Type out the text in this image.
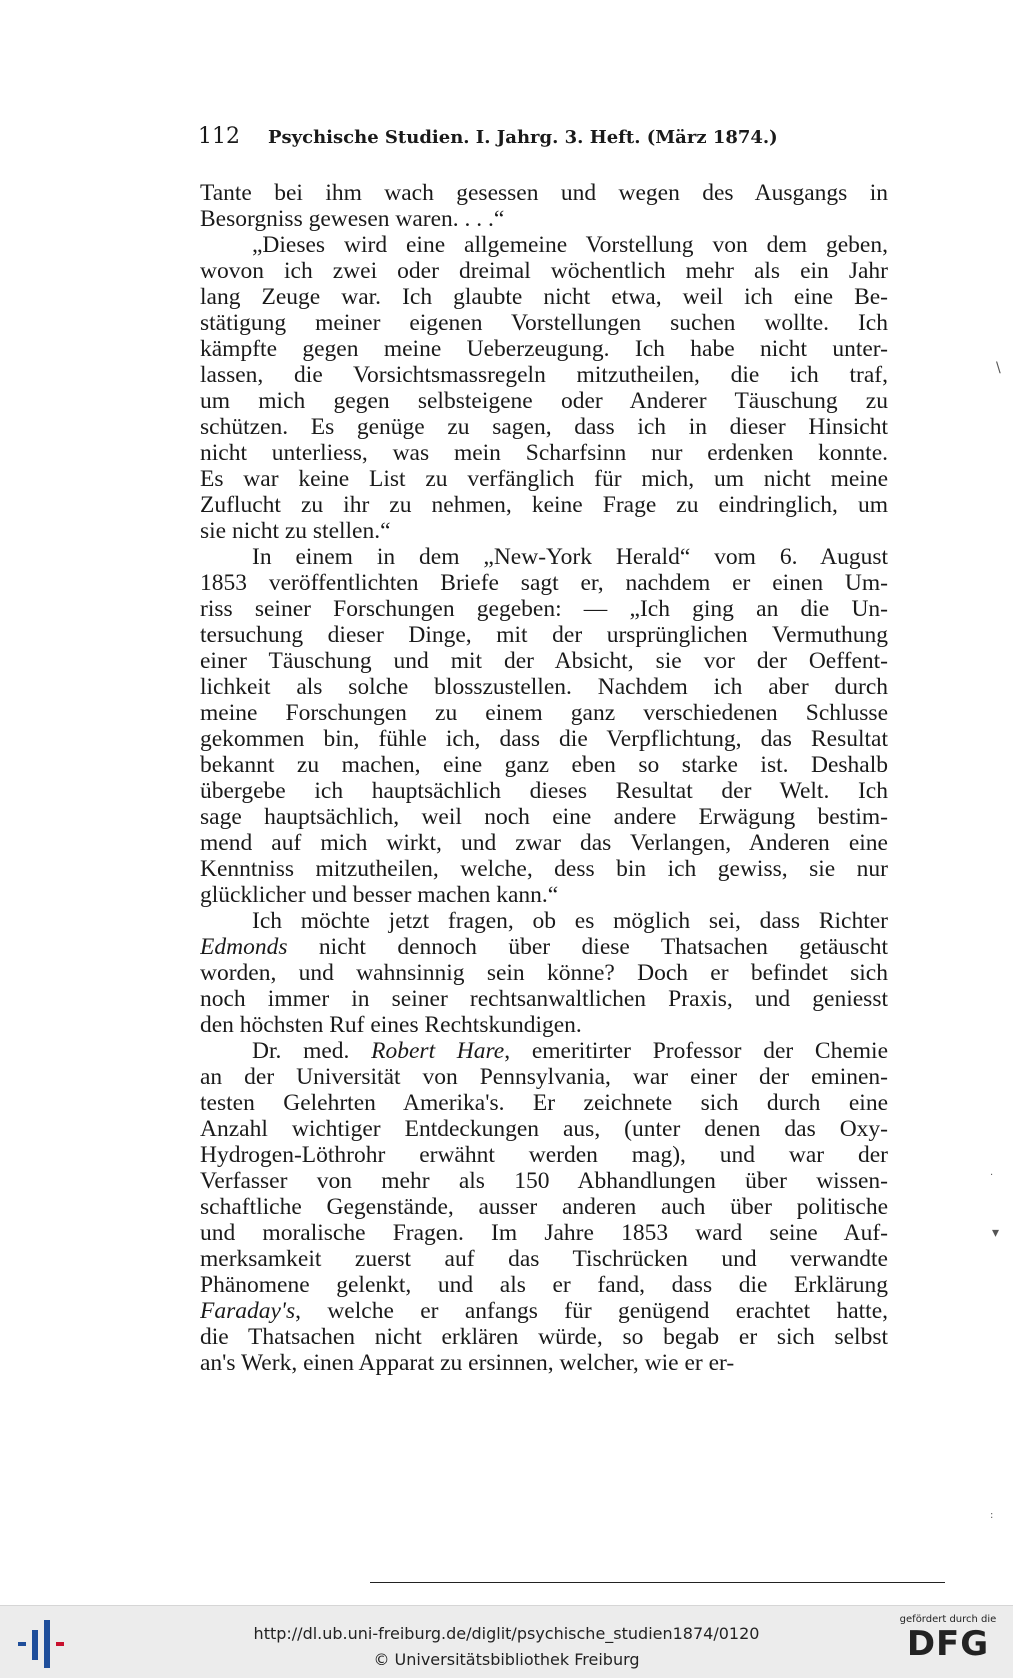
112 Psychische Studien. I. Jahrg. 3. Heft. (März 1874.)
Tante bei ihm wach gesessen und wegen des Ausgangs in
Besorgniss gewesen waren. . . .“
„Dieses wird eine allgemeine Vorstellung von dem geben,
wovon ich zwei oder dreimal wöchentlich mehr als ein Jahr
lang Zeuge war. Ich glaubte nicht etwa, weil ich eine Be-
stätigung meiner eigenen Vorstellungen suchen wollte. Ich
kämpfte gegen meine Ueberzeugung. Ich habe nicht unter-
lassen, die Vorsichtsmassregeln mitzutheilen, die ich traf,
um mich gegen selbsteigene oder Anderer Täuschung zu
schützen. Es genüge zu sagen, dass ich in dieser Hinsicht
nicht unterliess, was mein Scharfsinn nur erdenken konnte.
Es war keine List zu verfänglich für mich, um nicht meine
Zuflucht zu ihr zu nehmen, keine Frage zu eindringlich, um
sie nicht zu stellen.“
In einem in dem „New-York Herald“ vom 6. August
1853 veröffentlichten Briefe sagt er, nachdem er einen Um-
riss seiner Forschungen gegeben: — „Ich ging an die Un-
tersuchung dieser Dinge, mit der ursprünglichen Vermuthung
einer Täuschung und mit der Absicht, sie vor der Oeffent-
lichkeit als solche blosszustellen. Nachdem ich aber durch
meine Forschungen zu einem ganz verschiedenen Schlusse
gekommen bin, fühle ich, dass die Verpflichtung, das Resultat
bekannt zu machen, eine ganz eben so starke ist. Deshalb
übergebe ich hauptsächlich dieses Resultat der Welt. Ich
sage hauptsächlich, weil noch eine andere Erwägung bestim-
mend auf mich wirkt, und zwar das Verlangen, Anderen eine
Kenntniss mitzutheilen, welche, dess bin ich gewiss, sie nur
glücklicher und besser machen kann.“
Ich möchte jetzt fragen, ob es möglich sei, dass Richter
Edmonds nicht dennoch über diese Thatsachen getäuscht
worden, und wahnsinnig sein könne? Doch er befindet sich
noch immer in seiner rechtsanwaltlichen Praxis, und geniesst
den höchsten Ruf eines Rechtskundigen.
Dr. med. Robert Hare, emeritirter Professor der Chemie
an der Universität von Pennsylvania, war einer der eminen-
testen Gelehrten Amerika's. Er zeichnete sich durch eine
Anzahl wichtiger Entdeckungen aus, (unter denen das Oxy-
Hydrogen-Löthrohr erwähnt werden mag), und war der
Verfasser von mehr als 150 Abhandlungen über wissen-
schaftliche Gegenstände, ausser anderen auch über politische
und moralische Fragen. Im Jahre 1853 ward seine Auf-
merksamkeit zuerst auf das Tischrücken und verwandte
Phänomene gelenkt, und als er fand, dass die Erklärung
Faraday's, welche er anfangs für genügend erachtet hatte,
die Thatsachen nicht erklären würde, so begab er sich selbst
an's Werk, einen Apparat zu ersinnen, welcher, wie er er-
\
·
▾
:
http://dl.ub.uni-freiburg.de/diglit/psychische_studien1874/0120
© Universitätsbibliothek Freiburg
gefördert durch die
DFG
